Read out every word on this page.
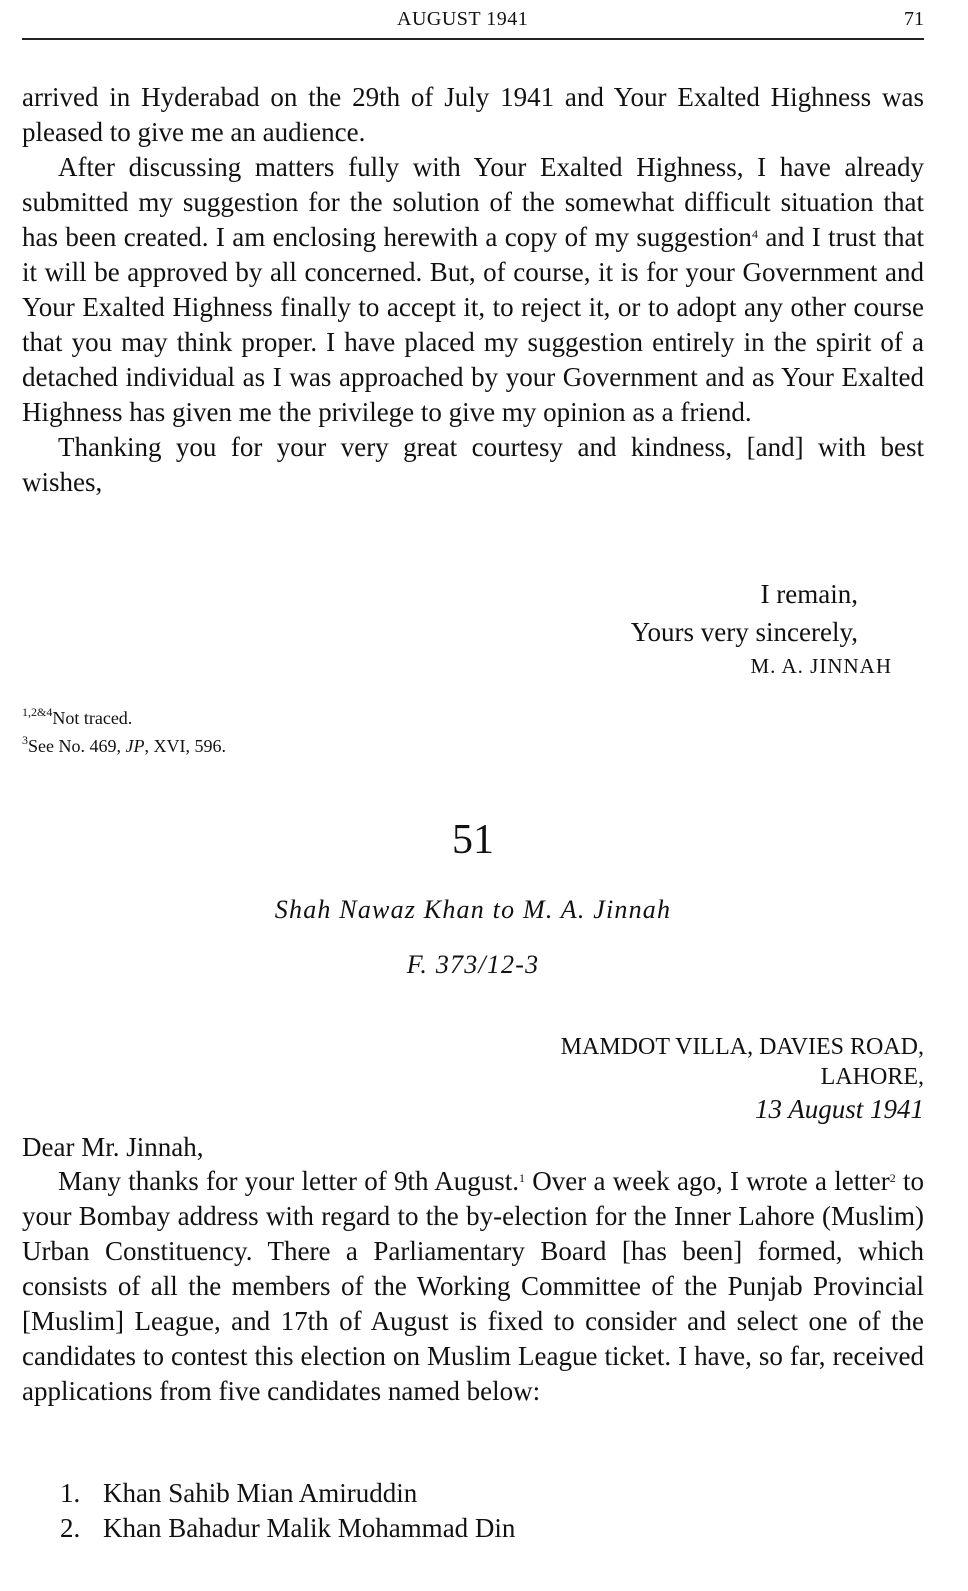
AUGUST 1941	71

arrived in Hyderabad on the 29th of July 1941 and Your Exalted Highness was pleased to give me an audience.

After discussing matters fully with Your Exalted Highness, I have already submitted my suggestion for the solution of the somewhat difficult situation that has been created. I am enclosing herewith a copy of my suggestion$^4$ and I trust that it will be approved by all concerned. But, of course, it is for your Government and Your Exalted Highness finally to accept it, to reject it, or to adopt any other course that you may think proper. I have placed my suggestion entirely in the spirit of a detached individual as I was approached by your Government and as Your Exalted Highness has given me the privilege to give my opinion as a friend.

Thanking you for your very great courtesy and kindness, [and] with best wishes,

I remain,
Yours very sincerely,
M. A. JINNAH
$^{1,2\&4}$Not traced.
$^3$See No. 469, JP, XVI, 596.
51
Shah Nawaz Khan to M. A. Jinnah
F. 373/12-3
MAMDOT VILLA, DAVIES ROAD,
LAHORE,
13 August 1941
Dear Mr. Jinnah,

Many thanks for your letter of 9th August.$^1$ Over a week ago, I wrote a letter$^2$ to your Bombay address with regard to the by-election for the Inner Lahore (Muslim) Urban Constituency. There a Parliamentary Board [has been] formed, which consists of all the members of the Working Committee of the Punjab Provincial [Muslim] League, and 17th of August is fixed to consider and select one of the candidates to contest this election on Muslim League ticket. I have, so far, received applications from five candidates named below:

1. Khan Sahib Mian Amiruddin
2. Khan Bahadur Malik Mohammad Din
